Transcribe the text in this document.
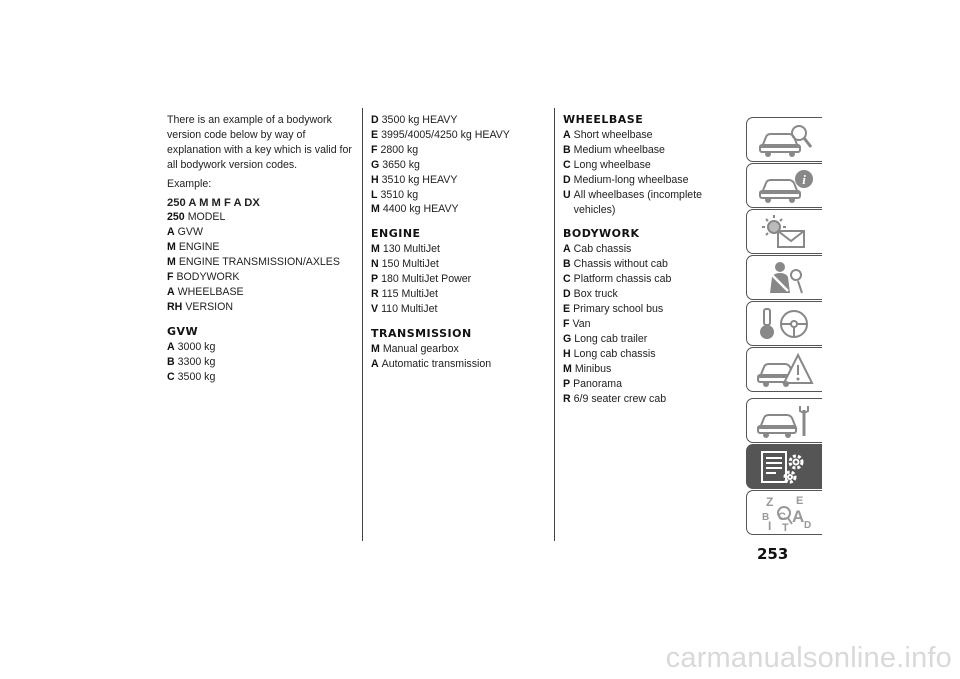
There is an example of a bodywork version code below by way of explanation with a key which is valid for all bodywork version codes.

Example:

250 A M M F A DX

250 MODEL
A GVW
M ENGINE
M ENGINE TRANSMISSION/AXLES
F BODYWORK
A WHEELBASE
RH VERSION
GVW
A 3000 kg
B 3300 kg
C 3500 kg
D 3500 kg HEAVY
E 3995/4005/4250 kg HEAVY
F 2800 kg
G 3650 kg
H 3510 kg HEAVY
L 3510 kg
M 4400 kg HEAVY
ENGINE
M 130 MultiJet
N 150 MultiJet
P 180 MultiJet Power
R 115 MultiJet
V 110 MultiJet
TRANSMISSION
M Manual gearbox
A Automatic transmission
WHEELBASE
A Short wheelbase
B Medium wheelbase
C Long wheelbase
D Medium-long wheelbase
U All wheelbases (incomplete vehicles)
BODYWORK
A Cab chassis
B Chassis without cab
C Platform chassis cab
D Box truck
E Primary school bus
F Van
G Long cab trailer
H Long cab chassis
M Minibus
P Panorama
R 6/9 seater crew cab
i
Z E
B A
C
D
I T
253
carmanualsonline.info
